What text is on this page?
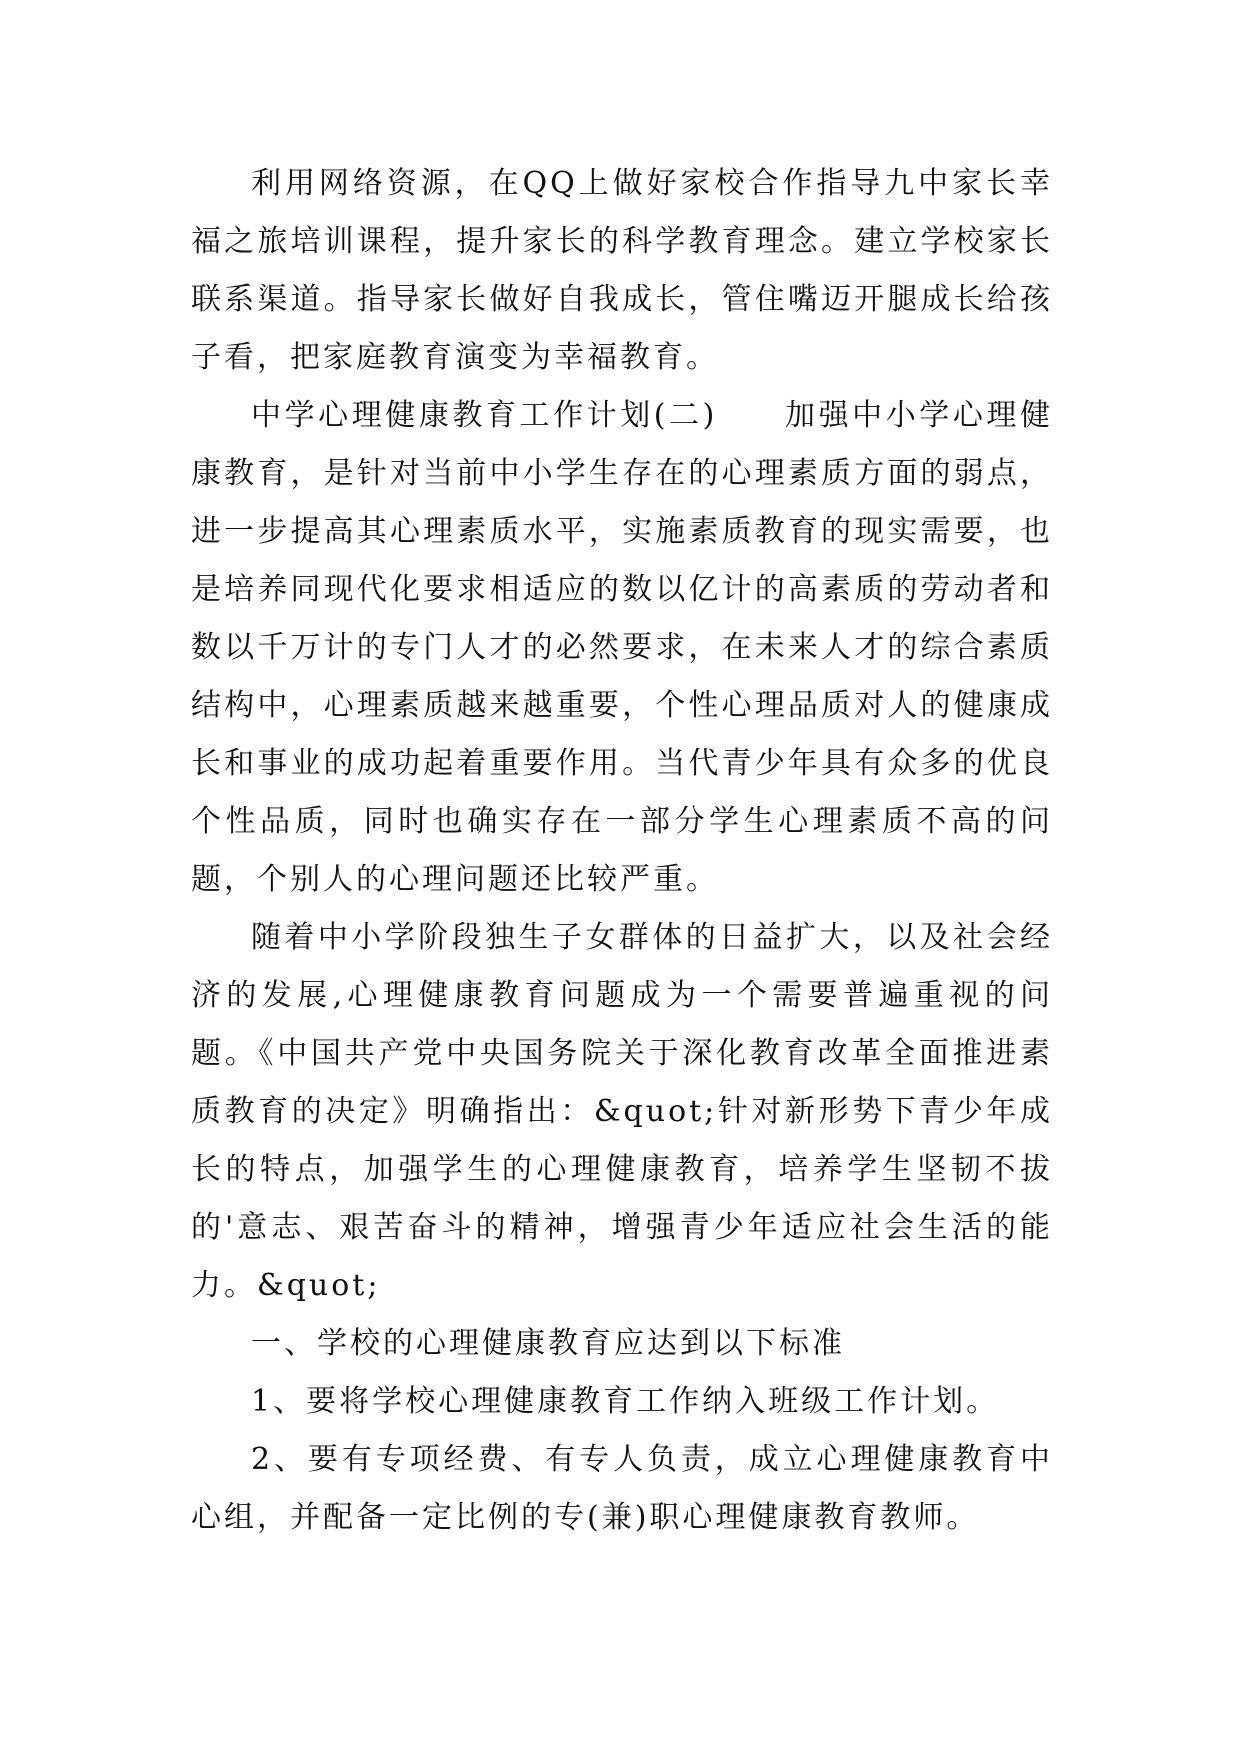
利用网络资源，在QQ上做好家校合作指导九中家长幸福之旅培训课程，提升家长的科学教育理念。建立学校家长联系渠道。指导家长做好自我成长，管住嘴迈开腿成长给孩子看，把家庭教育演变为幸福教育。

中学心理健康教育工作计划(二)　　加强中小学心理健康教育，是针对当前中小学生存在的心理素质方面的弱点，进一步提高其心理素质水平，实施素质教育的现实需要，也是培养同现代化要求相适应的数以亿计的高素质的劳动者和数以千万计的专门人才的必然要求，在未来人才的综合素质结构中，心理素质越来越重要，个性心理品质对人的健康成长和事业的成功起着重要作用。当代青少年具有众多的优良个性品质，同时也确实存在一部分学生心理素质不高的问题，个别人的心理问题还比较严重。

随着中小学阶段独生子女群体的日益扩大，以及社会经济的发展,心理健康教育问题成为一个需要普遍重视的问题。《中国共产党中央国务院关于深化教育改革全面推进素质教育的决定》明确指出：&quot;针对新形势下青少年成长的特点，加强学生的心理健康教育，培养学生坚韧不拔的'意志、艰苦奋斗的精神，增强青少年适应社会生活的能力。&quot;

一、学校的心理健康教育应达到以下标准

1、要将学校心理健康教育工作纳入班级工作计划。

2、要有专项经费、有专人负责，成立心理健康教育中心组，并配备一定比例的专(兼)职心理健康教育教师。
